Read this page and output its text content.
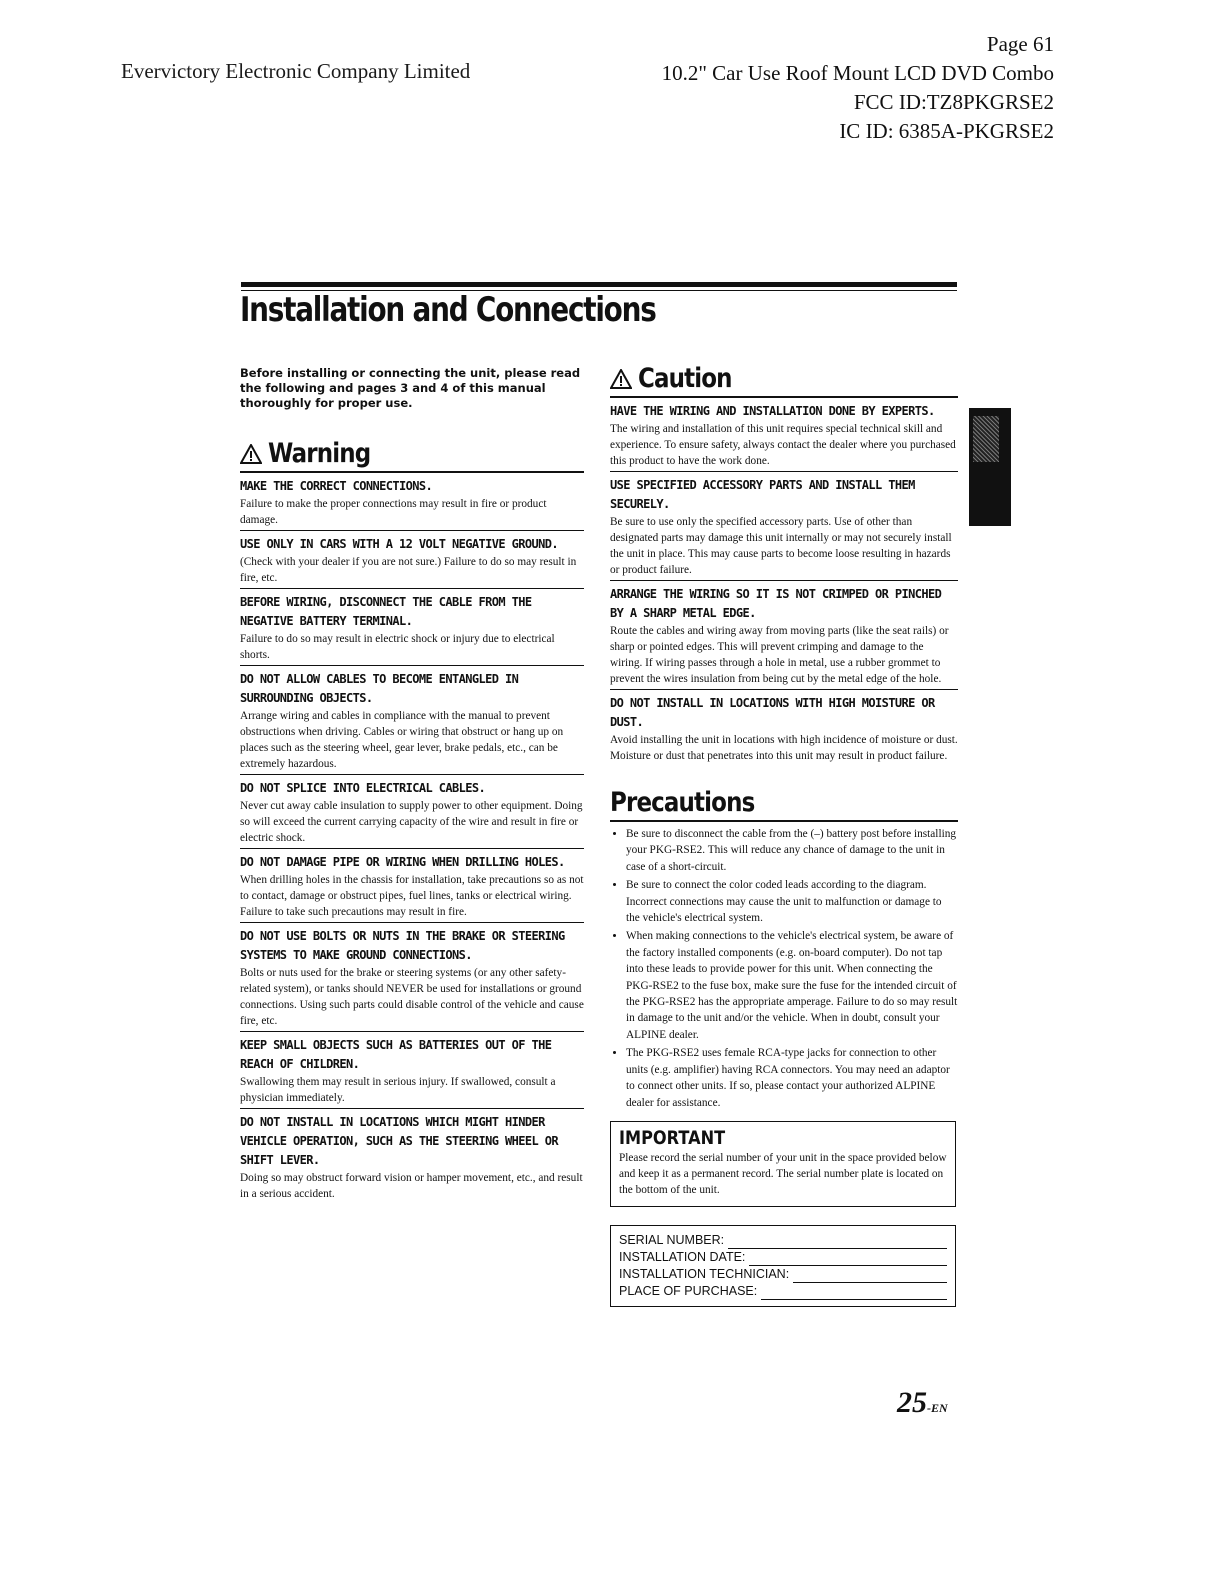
Evervictory Electronic Company Limited
Page 61
10.2" Car Use Roof Mount LCD DVD Combo
FCC ID:TZ8PKGRSE2
IC ID: 6385A-PKGRSE2
Installation and Connections
Before installing or connecting the unit, please read the following and pages 3 and 4 of this manual thoroughly for proper use.
Warning
MAKE THE CORRECT CONNECTIONS.
Failure to make the proper connections may result in fire or product damage.
USE ONLY IN CARS WITH A 12 VOLT NEGATIVE GROUND.
(Check with your dealer if you are not sure.) Failure to do so may result in fire, etc.
BEFORE WIRING, DISCONNECT THE CABLE FROM THE NEGATIVE BATTERY TERMINAL.
Failure to do so may result in electric shock or injury due to electrical shorts.
DO NOT ALLOW CABLES TO BECOME ENTANGLED IN SURROUNDING OBJECTS.
Arrange wiring and cables in compliance with the manual to prevent obstructions when driving. Cables or wiring that obstruct or hang up on places such as the steering wheel, gear lever, brake pedals, etc., can be extremely hazardous.
DO NOT SPLICE INTO ELECTRICAL CABLES.
Never cut away cable insulation to supply power to other equipment. Doing so will exceed the current carrying capacity of the wire and result in fire or electric shock.
DO NOT DAMAGE PIPE OR WIRING WHEN DRILLING HOLES.
When drilling holes in the chassis for installation, take precautions so as not to contact, damage or obstruct pipes, fuel lines, tanks or electrical wiring. Failure to take such precautions may result in fire.
DO NOT USE BOLTS OR NUTS IN THE BRAKE OR STEERING SYSTEMS TO MAKE GROUND CONNECTIONS.
Bolts or nuts used for the brake or steering systems (or any other safety-related system), or tanks should NEVER be used for installations or ground connections. Using such parts could disable control of the vehicle and cause fire, etc.
KEEP SMALL OBJECTS SUCH AS BATTERIES OUT OF THE REACH OF CHILDREN.
Swallowing them may result in serious injury. If swallowed, consult a physician immediately.
DO NOT INSTALL IN LOCATIONS WHICH MIGHT HINDER VEHICLE OPERATION, SUCH AS THE STEERING WHEEL OR SHIFT LEVER.
Doing so may obstruct forward vision or hamper movement, etc., and result in a serious accident.
Caution
HAVE THE WIRING AND INSTALLATION DONE BY EXPERTS.
The wiring and installation of this unit requires special technical skill and experience. To ensure safety, always contact the dealer where you purchased this product to have the work done.
USE SPECIFIED ACCESSORY PARTS AND INSTALL THEM SECURELY.
Be sure to use only the specified accessory parts. Use of other than designated parts may damage this unit internally or may not securely install the unit in place. This may cause parts to become loose resulting in hazards or product failure.
ARRANGE THE WIRING SO IT IS NOT CRIMPED OR PINCHED BY A SHARP METAL EDGE.
Route the cables and wiring away from moving parts (like the seat rails) or sharp or pointed edges. This will prevent crimping and damage to the wiring. If wiring passes through a hole in metal, use a rubber grommet to prevent the wires insulation from being cut by the metal edge of the hole.
DO NOT INSTALL IN LOCATIONS WITH HIGH MOISTURE OR DUST.
Avoid installing the unit in locations with high incidence of moisture or dust. Moisture or dust that penetrates into this unit may result in product failure.
Precautions
• Be sure to disconnect the cable from the (–) battery post before installing your PKG-RSE2. This will reduce any chance of damage to the unit in case of a short-circuit.
• Be sure to connect the color coded leads according to the diagram. Incorrect connections may cause the unit to malfunction or damage to the vehicle's electrical system.
• When making connections to the vehicle's electrical system, be aware of the factory installed components (e.g. on-board computer). Do not tap into these leads to provide power for this unit. When connecting the PKG-RSE2 to the fuse box, make sure the fuse for the intended circuit of the PKG-RSE2 has the appropriate amperage. Failure to do so may result in damage to the unit and/or the vehicle. When in doubt, consult your ALPINE dealer.
• The PKG-RSE2 uses female RCA-type jacks for connection to other units (e.g. amplifier) having RCA connectors. You may need an adaptor to connect other units. If so, please contact your authorized ALPINE dealer for assistance.
IMPORTANT
Please record the serial number of your unit in the space provided below and keep it as a permanent record. The serial number plate is located on the bottom of the unit.
SERIAL NUMBER:
INSTALLATION DATE:
INSTALLATION TECHNICIAN:
PLACE OF PURCHASE:
25-EN
